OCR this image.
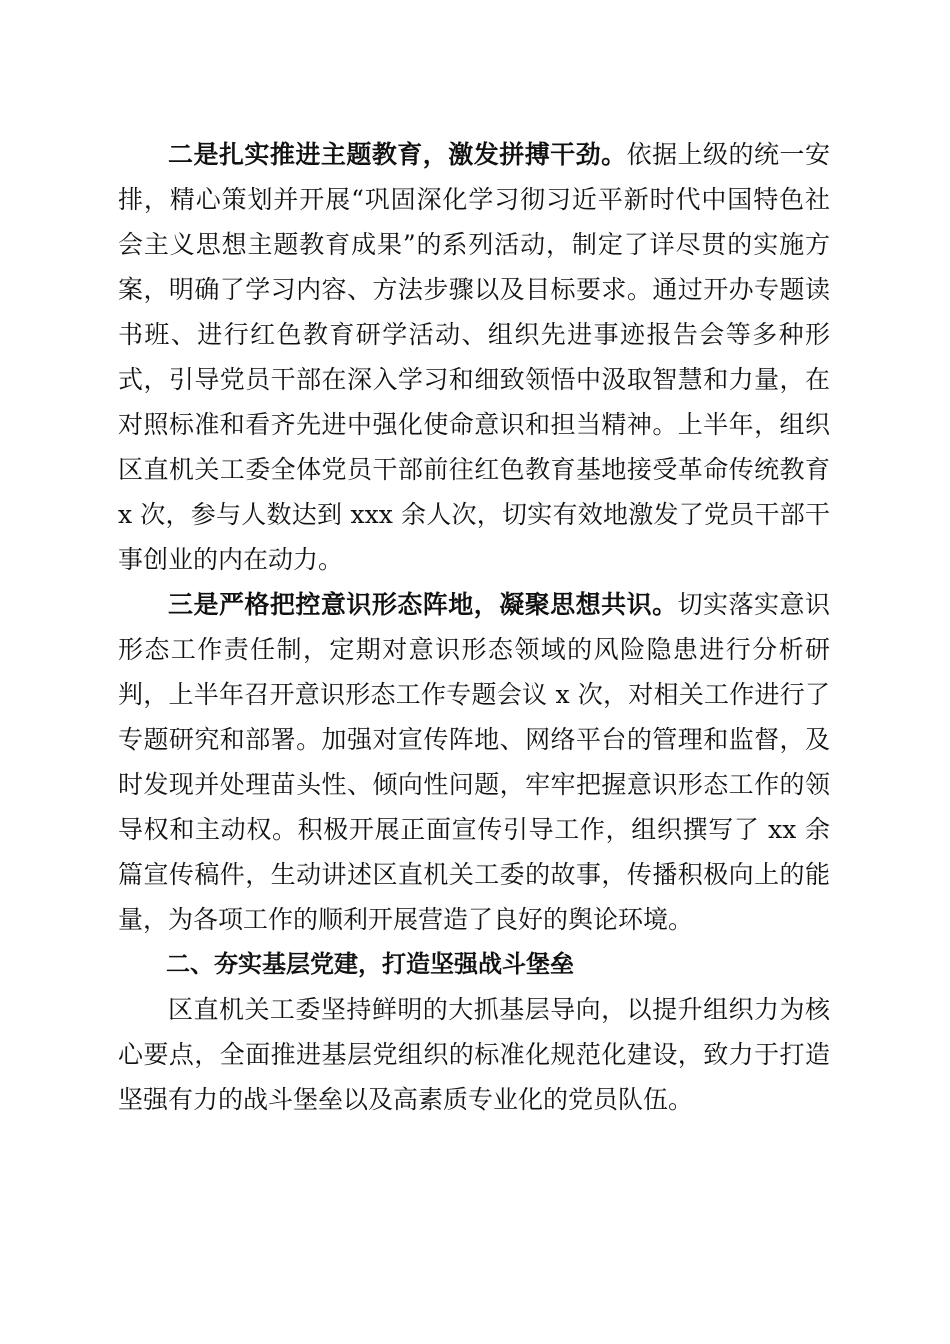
二是扎实推进主题教育，激发拼搏干劲。依据上级的统一安排，精心策划并开展“巩固深化学习彻习近平新时代中国特色社会主义思想主题教育成果”的系列活动，制定了详尽贯的实施方案，明确了学习内容、方法步骤以及目标要求。通过开办专题读书班、进行红色教育研学活动、组织先进事迹报告会等多种形式，引导党员干部在深入学习和细致领悟中汲取智慧和力量，在对照标准和看齐先进中强化使命意识和担当精神。上半年，组织区直机关工委全体党员干部前往红色教育基地接受革命传统教育 x 次，参与人数达到 xxx 余人次，切实有效地激发了党员干部干事创业的内在动力。

三是严格把控意识形态阵地，凝聚思想共识。切实落实意识形态工作责任制，定期对意识形态领域的风险隐患进行分析研判，上半年召开意识形态工作专题会议 x 次，对相关工作进行了专题研究和部署。加强对宣传阵地、网络平台的管理和监督，及时发现并处理苗头性、倾向性问题，牢牢把握意识形态工作的领导权和主动权。积极开展正面宣传引导工作，组织撰写了 xx 余篇宣传稿件，生动讲述区直机关工委的故事，传播积极向上的能量，为各项工作的顺利开展营造了良好的舆论环境。

二、夯实基层党建，打造坚强战斗堡垒

区直机关工委坚持鲜明的大抓基层导向，以提升组织力为核心要点，全面推进基层党组织的标准化规范化建设，致力于打造坚强有力的战斗堡垒以及高素质专业化的党员队伍。
